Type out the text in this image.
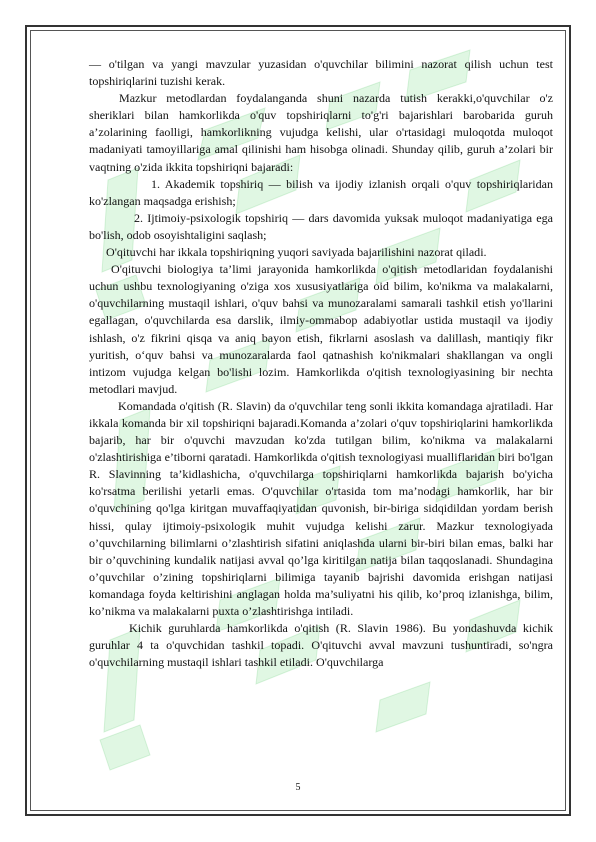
— o'tilgan va yangi mavzular yuzasidan o'quvchilar bilimini nazorat qilish uchun test topshiriqlarini tuzishi kerak.

Mazkur metodlardan foydalanganda shuni nazarda tutish kerakki,o'quvchilar o'z sheriklari bilan hamkorlikda o'quv topshiriqlarni to'g'ri bajarishlari barobarida guruh a’zolarining faolligi, hamkorlikning vujudga kelishi, ular o'rtasidagi muloqotda muloqot madaniyati tamoyillariga amal qilinishi ham hisobga olinadi. Shunday qilib, guruh a’zolari bir vaqtning o'zida ikkita topshiriqni bajaradi:

1. Akademik topshiriq — bilish va ijodiy izlanish orqali o'quv topshiriqlaridan ko'zlangan maqsadga erishish;

2. Ijtimoiy-psixologik topshiriq — dars davomida yuksak muloqot madaniyatiga ega bo'lish, odob osoyishtaligini saqlash;

O'qituvchi har ikkala topshiriqning yuqori saviyada bajarilishini nazorat qiladi.

O'qituvchi biologiya ta’limi jarayonida hamkorlikda o'qitish metodlaridan foydalanishi uchun ushbu texnologiyaning o'ziga xos xususiyatlariga oid bilim, ko'nikma va malakalarni, o'quvchilarning mustaqil ishlari, o'quv bahsi va munozaralami samarali tashkil etish yo'llarini egallagan, o'quvchilarda esa darslik, ilmiy-ommabop adabiyotlar ustida mustaqil va ijodiy ishlash, o'z fikrini qisqa va aniq bayon etish, fikrlarni asoslash va dalillash, mantiqiy fikr yuritish, o‘quv bahsi va munozaralarda faol qatnashish ko'nikmalari shakllangan va ongli intizom vujudga kelgan bo'lishi lozim. Hamkorlikda o'qitish texnologiyasining bir nechta metodlari mavjud.

Komandada o'qitish (R. Slavin) da o'quvchilar teng sonli ikkita komandaga ajratiladi. Har ikkala komanda bir xil topshiriqni bajaradi.Komanda a’zolari o'quv topshiriqlarini hamkorlikda bajarib, har bir o'quvchi mavzudan ko'zda tutilgan bilim, ko'nikma va malakalarni o'zlashtirishiga e’tiborni qaratadi. Hamkorlikda o'qitish texnologiyasi mualliflaridan biri bo'lgan R. Slavinning ta’kidlashicha, o'quvchilarga topshiriqlarni hamkorlikda bajarish bo'yicha ko'rsatma berilishi yetarli emas. O'quvchilar o'rtasida tom ma’nodagi hamkorlik, har bir o'quvchining qo'lga kiritgan muvaffaqiyatidan quvonish, bir-biriga sidqidildan yordam berish hissi, qulay ijtimoiy-psixologik muhit vujudga kelishi zarur. Mazkur texnologiyada o’quvchilarning bilimlarni o’zlashtirish sifatini aniqlashda ularni bir-biri bilan emas, balki har bir o’quvchining kundalik natijasi avval qo’lga kiritilgan natija bilan taqqoslanadi. Shundagina o’quvchilar o’zining topshiriqlarni bilimiga tayanib bajrishi davomida erishgan natijasi komandaga foyda keltirishini anglagan holda ma’suliyatni his qilib, ko’proq izlanishga, bilim, ko’nikma va malakalarni puxta o’zlashtirishga intiladi.

Kichik guruhlarda hamkorlikda o'qitish (R. Slavin 1986). Bu yondashuvda kichik guruhlar 4 ta o'quvchidan tashkil topadi. O'qituvchi avval mavzuni tushuntiradi, so'ngra o'quvchilarning mustaqil ishlari tashkil etiladi. O'quvchilarga

5
